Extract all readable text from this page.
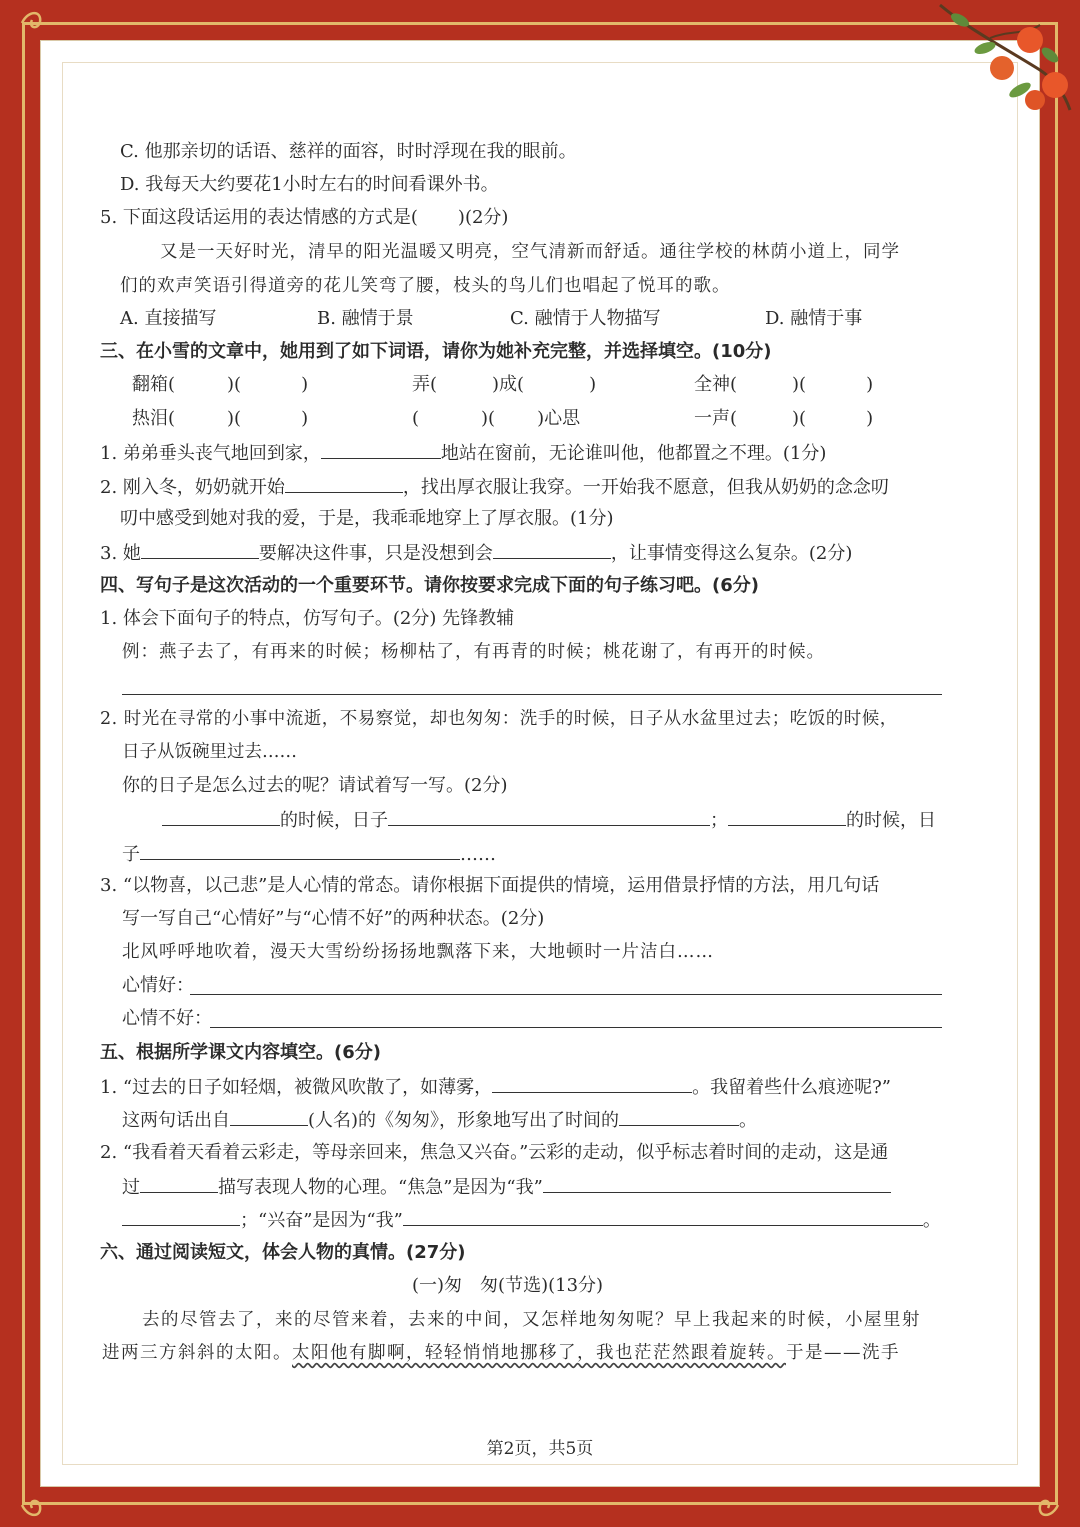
C. 他那亲切的话语、慈祥的面容，时时浮现在我的眼前。
D. 我每天大约要花1小时左右的时间看课外书。
5. 下面这段话运用的表达情感的方式是( )(2分)
又是一天好时光，清早的阳光温暖又明亮，空气清新而舒适。通往学校的林荫小道上，同学
们的欢声笑语引得道旁的花儿笑弯了腰，枝头的鸟儿们也唱起了悦耳的歌。
A. 直接描写	B. 融情于景	C. 融情于人物描写	D. 融情于事
三、在小雪的文章中，她用到了如下词语，请你为她补充完整，并选择填空。(10分)
翻箱(	)(	)	弄(	)成(	)	全神(	)(	)
热泪(	)(	)	(	)( )心思	一声(	)(	)
1. 弟弟垂头丧气地回到家，	地站在窗前，无论谁叫他，他都置之不理。(1分)
2. 刚入冬，奶奶就开始	，找出厚衣服让我穿。一开始我不愿意，但我从奶奶的念念叨
叨中感受到她对我的爱，于是，我乖乖地穿上了厚衣服。(1分)
3. 她	要解决这件事，只是没想到会	，让事情变得这么复杂。(2分)
四、写句子是这次活动的一个重要环节。请你按要求完成下面的句子练习吧。(6分)
1. 体会下面句子的特点，仿写句子。(2分) 先锋教辅
例：燕子去了，有再来的时候；杨柳枯了，有再青的时候；桃花谢了，有再开的时候。
2. 时光在寻常的小事中流逝，不易察觉，却也匆匆：洗手的时候，日子从水盆里过去；吃饭的时候，
日子从饭碗里过去……
你的日子是怎么过去的呢？请试着写一写。(2分)
的时候，日子	；	的时候，日
子	……
3. “以物喜，以己悲”是人心情的常态。请你根据下面提供的情境，运用借景抒情的方法，用几句话
写一写自己“心情好”与“心情不好”的两种状态。(2分)
北风呼呼地吹着，漫天大雪纷纷扬扬地飘落下来，大地顿时一片洁白……
心情好：
心情不好：
五、根据所学课文内容填空。(6分)
1. “过去的日子如轻烟，被微风吹散了，如薄雾，	。我留着些什么痕迹呢?”
这两句话出自	(人名)的《匆匆》，形象地写出了时间的	。
2. “我看着天看着云彩走，等母亲回来，焦急又兴奋。”云彩的走动，似乎标志着时间的走动，这是通
过	描写表现人物的心理。“焦急”是因为“我”
；“兴奋”是因为“我”	。
六、通过阅读短文，体会人物的真情。(27分)
(一)匆　匆(节选)(13分)
去的尽管去了，来的尽管来着，去来的中间，又怎样地匆匆呢？早上我起来的时候，小屋里射
进两三方斜斜的太阳。太阳他有脚啊，轻轻悄悄地挪移了，我也茫茫然跟着旋转。于是——洗手
第2页，共5页
